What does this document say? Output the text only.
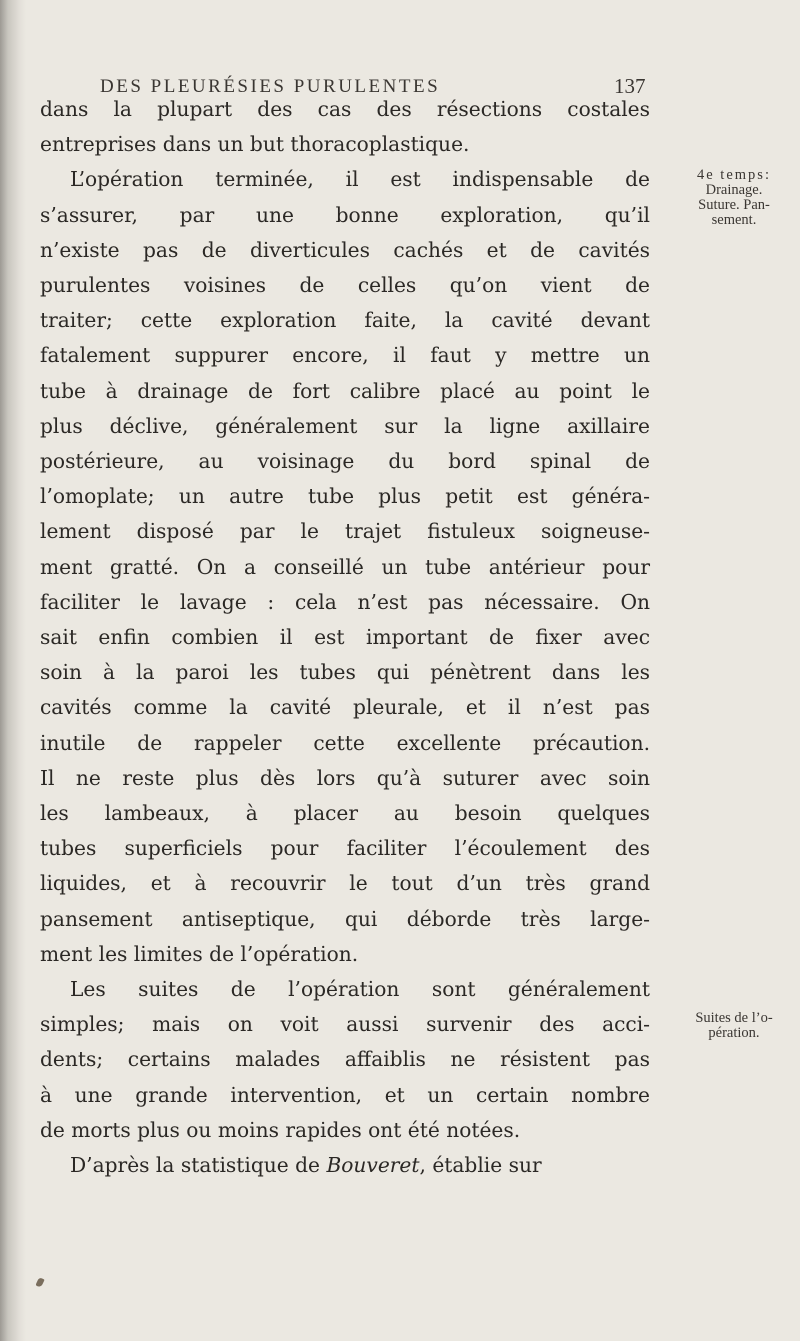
DES PLEURÉSIES PURULENTES	137
dans la plupart des cas des résections costales
entreprises dans un but thoracoplastique.
L’opération terminée, il est indispensable de
s’assurer, par une bonne exploration, qu’il
n’existe pas de diverticules cachés et de cavités
purulentes voisines de celles qu’on vient de
traiter; cette exploration faite, la cavité devant
fatalement suppurer encore, il faut y mettre un
tube à drainage de fort calibre placé au point le
plus déclive, généralement sur la ligne axillaire
postérieure, au voisinage du bord spinal de
l’omoplate; un autre tube plus petit est généra-
lement disposé par le trajet fistuleux soigneuse-
ment gratté. On a conseillé un tube antérieur pour
faciliter le lavage : cela n’est pas nécessaire. On
sait enfin combien il est important de fixer avec
soin à la paroi les tubes qui pénètrent dans les
cavités comme la cavité pleurale, et il n’est pas
inutile de rappeler cette excellente précaution.
Il ne reste plus dès lors qu’à suturer avec soin
les lambeaux, à placer au besoin quelques
tubes superficiels pour faciliter l’écoulement des
liquides, et à recouvrir le tout d’un très grand
pansement antiseptique, qui déborde très large-
ment les limites de l’opération.
Les suites de l’opération sont généralement
simples; mais on voit aussi survenir des acci-
dents; certains malades affaiblis ne résistent pas
à une grande intervention, et un certain nombre
de morts plus ou moins rapides ont été notées.
D’après la statistique de Bouveret, établie sur
4e temps:
Drainage.
Suture. Pan-
sement.
Suites de l’o-
pération.
